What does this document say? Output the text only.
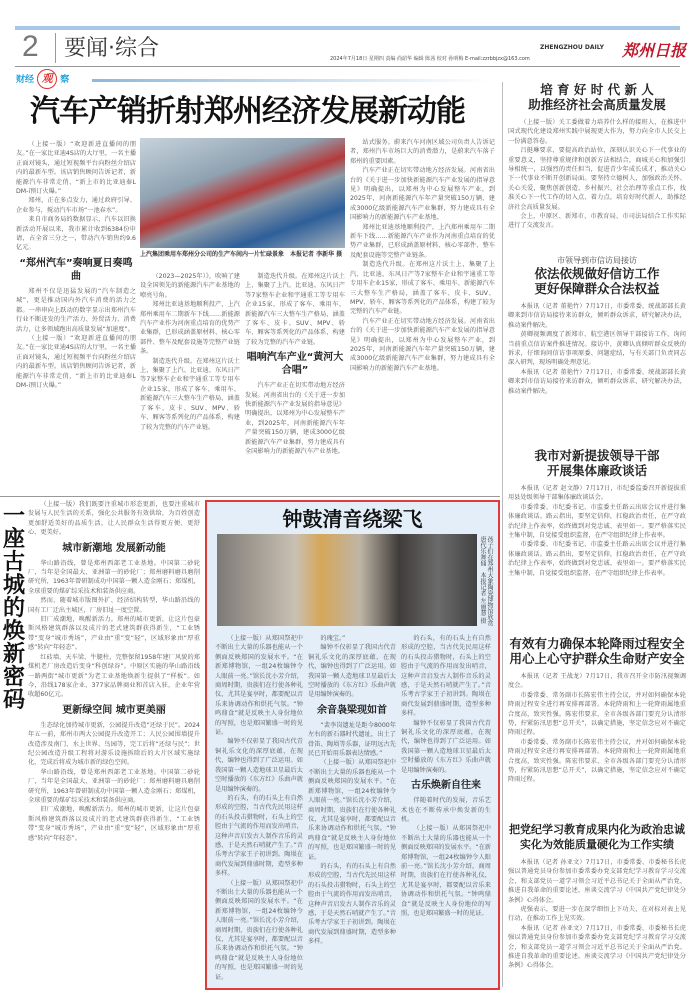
2 要闻·综合	ZHENGZHOU DAILY
2024年7月18日 星期四 责编 尚韶华 编辑 陈茜 校对 孙明梅 E-mail:zzrbbjzx@163.com	郑州日报
财经 观 察
汽车产销折射郑州经济发展新动能

（上接一版）“欢迎新进直播间的朋友。”在一家比亚迪4S店的大厅里，一名主播正面对镜头，通过短视频平台向粉丝介绍店内的最新车型。该店销售顾问告诉记者，新能源汽车非常走俏，“新上市的比亚迪秦L DM-i预订火爆。”

郑州，正在多点发力，通过政府引导、企业参与，搅动汽车市场“一池春水”。

来自市商务局的数据显示，汽车以旧换新活动开展以来，我市累计收到6384份申请，占全省三分之一，带动汽车销售约9.6亿元。

“郑州汽车”奏响夏日奏鸣曲

郑州不仅是迅猛发展的“汽车制造之城”，更是推动国内外汽车消费的活力之都。一串串向上跃动的数字显示出郑州汽车行业不断迸发的生产活力、外贸活力、消费活力，让多领域跑出高质量发展“加速度”。

（上接一版）“欢迎新进直播间的朋友。”在一家比亚迪4S店的大厅里，一名主播正面对镜头，通过短视频平台向粉丝介绍店内的最新车型。该店销售顾问告诉记者，新能源汽车非常走俏，“新上市的比亚迪秦L DM-i预订火爆。”

上汽集团乘用车郑州分公司的生产车间内一片忙碌景象　本报记者 李新华 摄

（2023—2025年）》，吹响了建设全国领先的新能源汽车产业基地的嘹亮号角。

郑州比亚迪基地顺利投产，上汽郑州乘用车二期新车下线……新能源汽车产业作为河南重点培育的优势产业集群，已形成涵盖原材料、核心零部件、整车及配套设施等完整产业链条。

制造迭代升级。在郑州这片沃土上，集聚了上汽、比亚迪、东风日产等7家整车企业和宇通重工等专用车企业15家，形成了客车、乘用车、新能源汽车三大整车生产格局，涵盖了客车、皮卡、SUV、MPV、轿车、厢客等系列化的产品体系，构建了较为完整的汽车产业链。

制造迭代升级。在郑州这片沃土上，集聚了上汽、比亚迪、东风日产等7家整车企业和宇通重工等专用车企业15家，形成了客车、乘用车、新能源汽车三大整车生产格局，涵盖了客车、皮卡、SUV、MPV、轿车、厢客等系列化的产品体系，构建了较为完整的汽车产业链。

唱响汽车产业“黄河大合唱”

汽车产业正在切实带动地方经济发展。河南省出台的《关于进一步加快新能源汽车产业发展的指导意见》明确提出，以郑州为中心发展整车产业，到2025年，河南新能源汽车年产量突破150万辆，建成3000亿级新能源汽车产业集群，努力建成具有全国影响力的新能源汽车产业基地。

站式服务。蔚来汽车河南区域公司负责人告诉记者，郑州汽车市场巨大的消费潜力，是蔚来汽车落子郑州的重要因素。

汽车产业正在切实带动地方经济发展。河南省出台的《关于进一步加快新能源汽车产业发展的指导意见》明确提出，以郑州为中心发展整车产业，到2025年，河南新能源汽车年产量突破150万辆，建成3000亿级新能源汽车产业集群，努力建成具有全国影响力的新能源汽车产业基地。

郑州比亚迪基地顺利投产，上汽郑州乘用车二期新车下线……新能源汽车产业作为河南重点培育的优势产业集群，已形成涵盖原材料、核心零部件、整车及配套设施等完整产业链条。

制造迭代升级。在郑州这片沃土上，集聚了上汽、比亚迪、东风日产等7家整车企业和宇通重工等专用车企业15家，形成了客车、乘用车、新能源汽车三大整车生产格局，涵盖了客车、皮卡、SUV、MPV、轿车、厢客等系列化的产品体系，构建了较为完整的汽车产业链。

汽车产业正在切实带动地方经济发展。河南省出台的《关于进一步加快新能源汽车产业发展的指导意见》明确提出，以郑州为中心发展整车产业，到2025年，河南新能源汽车年产量突破150万辆，建成3000亿级新能源汽车产业集群，努力建成具有全国影响力的新能源汽车产业基地。

培 育 好 时 代 新 人
助推经济社会高质量发展

（上接一版）关工委做着力培养什么样的接班人，在推进中国式现代化建设郑州实践中展现更大作为，努力向全市人民交上一份满意答卷。

吕挺琳要求，要提高政治站位，深刻认识关心下一代事业的重要意义，坚持尊重规律和创新方法相结合，商城关心和加强引导相统一，以强烈的责任担当，促进青少年成长成才，推动关心下一代事业不断开创新局面。要坚持立德树人，加强政治关怀、关心关爱，聚焦创新创造、乡村振兴、社会治理等重点工作，找准关心下一代工作的切入点、着力点，培育好时代新人，助推经济社会高质量发展。

会上，中原区、新郑市、市教育局、市司法局结合工作实际进行了交流发言。

市领导到市信访局接访
依法依规做好信访工作
更好保障群众合法权益

本报讯（记者 董艳竹）7月17日，市委常委、统战部部长黄卿来到市信访局接待来访群众，倾听群众诉求，研究解决办法，推动案件解决。

黄卿视频调度了新郑市、航空港区领导干部接访工作，询问当前重点信访案件推进情况。接访中，黄卿认真倾听群众反映的诉求，仔细询问信访事项原委、问题症结，与有关部门负责同志深入研判，现场明确处理意见。

本报讯（记者 董艳竹）7月17日，市委常委、统战部部长黄卿来到市信访局接待来访群众，倾听群众诉求，研究解决办法，推动案件解决。

我市对新提拔领导干部
开展集体廉政谈话

本报讯（记者 赵文静）7月17日，市纪委监委召开新提拔重用县处级领导干部集体廉政谈话会。

市委常委、市纪委书记、市监委主任路云出席会议并进行集体廉政谈话。路云指出，要坚定信仰，扛稳政治责任，在严守政治纪律上作表率，始终做到对党忠诚、表里如一。要严格落实民主集中制，自觉接受组织监督，在严守组织纪律上作表率。

市委常委、市纪委书记、市监委主任路云出席会议并进行集体廉政谈话。路云指出，要坚定信仰，扛稳政治责任，在严守政治纪律上作表率，始终做到对党忠诚、表里如一。要严格落实民主集中制，自觉接受组织监督，在严守组织纪律上作表率。

有效有力确保本轮降雨过程安全
用心上心守护群众生命财产安全

本报讯（记者 王战龙）7月17日，我市召开全市防汛视频调度会。

市委常委、常务副市长陈宏伟主持会议，并对如何确保本轮降雨过程安全进行再安排再部署。本轮降雨和上一轮降雨属地重合度高，致灾性强。陈宏伟要求，全市各级各部门要充分认清形势，拧紧防汛思想“总开关”，以确定措施，坚定信念应对不确定降雨过程。

市委常委、常务副市长陈宏伟主持会议，并对如何确保本轮降雨过程安全进行再安排再部署。本轮降雨和上一轮降雨属地重合度高，致灾性强。陈宏伟要求，全市各级各部门要充分认清形势，拧紧防汛思想“总开关”，以确定措施，坚定信念应对不确定降雨过程。

把党纪学习教育成果内化为政治忠诚
实化为效能质量硬化为工作实绩

本报讯（记者 孙亚文）7月17日，市委常委、市委秘书长虎强以普通党员身份参加市委常委办党支部党纪学习教育学习交流会，和支部党员一道学习领会习近平总书记关于全面从严治党、推进自我革命的重要论述，座谈交流学习《中国共产党纪律处分条例》心得体会。

虎强表示，要进一步在深学细悟上下功夫，在对标对表上见行动，在推动工作上见实效。

本报讯（记者 孙亚文）7月17日，市委常委、市委秘书长虎强以普通党员身份参加市委常委办党支部党纪学习教育学习交流会，和支部党员一道学习领会习近平总书记关于全面从严治党、推进自我革命的重要论述，座谈交流学习《中国共产党纪律处分条例》心得体会。

一座古城的焕新密码

（上接一版）我们既要注重城市形态更新，也要注重城市发展与人民生活的关系，强化公共服务有效供给，为百姓创造更加舒适美好的品质生活，让人民群众生活得更方便、更舒心、更美好。

城市新潮地 发展新动能

华山路沿线，曾是郑州西部老工业基地。中国第二砂轮厂，当年是全国最大、亚洲第一的砂轮厂；郑州磨料磨具磨削研究所，1963年曾研制成功中国第一颗人造金刚石；郑煤机，全球重要的煤矿综采技术和装备供应商。

然而，随着城市版图外扩、经济结构转型，华山路沿线的国有工厂迁出主城区，厂房旧址一度空置。

旧厂成潮地，唤醒新活力。郑州的城市更新，让这片包豪斯风格建筑群落以及成片的老式建筑群获得新生，“工业锈带”变身“城市秀场”，产业由“重”变“轻”，区域形象由“厚重感”转向“年轻态”。

红砖墙、天车梁、牛腿柱，完整保留1958年建厂风貌的郑煤机老厂房改造后变身“科创绿谷”。中原区实施的华山路沿线一路两街“城市更新”为老工业基地焕新生提供了“样板”。如今，沿线178家企业、377家品牌商业和首店入驻，企业年营收超60亿元。

更新绿空间 城市更美丽

生态绿化加持城市更新，公园提升改造“还绿于民”。2024年五一前，郑州市两大公园提升改造开工；人民公园围墙提升改造涉及南门、水上世界、鸟园等，完工后将“还绿与民”；世纪公园改造升级工程将对游乐设施拆除后的大片区域实施绿化，完成后将成为城市新的绿色空间。

华山路沿线，曾是郑州西部老工业基地。中国第二砂轮厂，当年是全国最大、亚洲第一的砂轮厂；郑州磨料磨具磨削研究所，1963年曾研制成功中国第一颗人造金刚石；郑煤机，全球重要的煤矿综采技术和装备供应商。

旧厂成潮地，唤醒新活力。郑州的城市更新，让这片包豪斯风格建筑群落以及成片的老式建筑群获得新生，“工业锈带”变身“城市秀场”，产业由“重”变“轻”，区域形象由“厚重感”转向“年轻态”。

钟鼓清音绕梁飞
孩子们在郑州大象陶瓷博物馆欣赏唐代乐舞俑　本报记者 左丽慧 摄

（上接一版）从郑国祭祀中不断出土大量的乐器也能从一个侧面反映郑国的发展水平。“在新郑博物馆，一组24枚编钟令人眼前一亮。”馆长沈小芳介绍，商周时期，贵族们在行使各种礼仪，尤其是宴享时，都要配以音乐来协调动作和烘托气氛。“钟鸣鼎食”就是反映主人身份地位的写照，也是郑国繁盛一时的见证。

编钟不仅彰显了我国古代青铜礼乐文化的深厚底蕴，在现代，编钟也得到了广泛运用。如我国第一颗人造地球卫星最后太空时播放的《东方红》乐曲声就是用编钟演奏的。

的石头，有的石头上有自然形成的空腔，当古代先民用这样的石头投击猎物时，石头上的空腔由于气流的作用而发出哨音，这种声音启发古人制作音乐的灵感，于是天然石哨就产生了。”音乐考古学家王子初讲到。陶埙在商代发展到鼎盛时期，造型多种多样。

（上接一版）从郑国祭祀中不断出土大量的乐器也能从一个侧面反映郑国的发展水平。“在新郑博物馆，一组24枚编钟令人眼前一亮。”馆长沈小芳介绍，商周时期，贵族们在行使各种礼仪，尤其是宴享时，都要配以音乐来协调动作和烘托气氛。“钟鸣鼎食”就是反映主人身份地位的写照，也是郑国繁盛一时的见证。

的瑰宝。”

编钟不仅彰显了我国古代青铜礼乐文化的深厚底蕴，在现代，编钟也得到了广泛运用。如我国第一颗人造地球卫星最后太空时播放的《东方红》乐曲声就是用编钟演奏的。

余音袅梁现如首

“裴李岗遗址是距今8000年左右的新石器时代遗址，出土了骨笛、陶埙等乐器，证明远古先民已开始用乐器表达情感。”

（上接一版）从郑国祭祀中不断出土大量的乐器也能从一个侧面反映郑国的发展水平。“在新郑博物馆，一组24枚编钟令人眼前一亮。”馆长沈小芳介绍，商周时期，贵族们在行使各种礼仪，尤其是宴享时，都要配以音乐来协调动作和烘托气氛。“钟鸣鼎食”就是反映主人身份地位的写照，也是郑国繁盛一时的见证。

的石头，有的石头上有自然形成的空腔，当古代先民用这样的石头投击猎物时，石头上的空腔由于气流的作用而发出哨音，这种声音启发古人制作音乐的灵感，于是天然石哨就产生了。”音乐考古学家王子初讲到。陶埙在商代发展到鼎盛时期，造型多种多样。

的石头，有的石头上有自然形成的空腔，当古代先民用这样的石头投击猎物时，石头上的空腔由于气流的作用而发出哨音，这种声音启发古人制作音乐的灵感，于是天然石哨就产生了。”音乐考古学家王子初讲到。陶埙在商代发展到鼎盛时期，造型多种多样。

编钟不仅彰显了我国古代青铜礼乐文化的深厚底蕴，在现代，编钟也得到了广泛运用。如我国第一颗人造地球卫星最后太空时播放的《东方红》乐曲声就是用编钟演奏的。

古乐焕新自往来

伴随着时代的发展，音乐艺术也在不断传承中焕发新的生机。

（上接一版）从郑国祭祀中不断出土大量的乐器也能从一个侧面反映郑国的发展水平。“在新郑博物馆，一组24枚编钟令人眼前一亮。”馆长沈小芳介绍，商周时期，贵族们在行使各种礼仪，尤其是宴享时，都要配以音乐来协调动作和烘托气氛。“钟鸣鼎食”就是反映主人身份地位的写照，也是郑国繁盛一时的见证。
